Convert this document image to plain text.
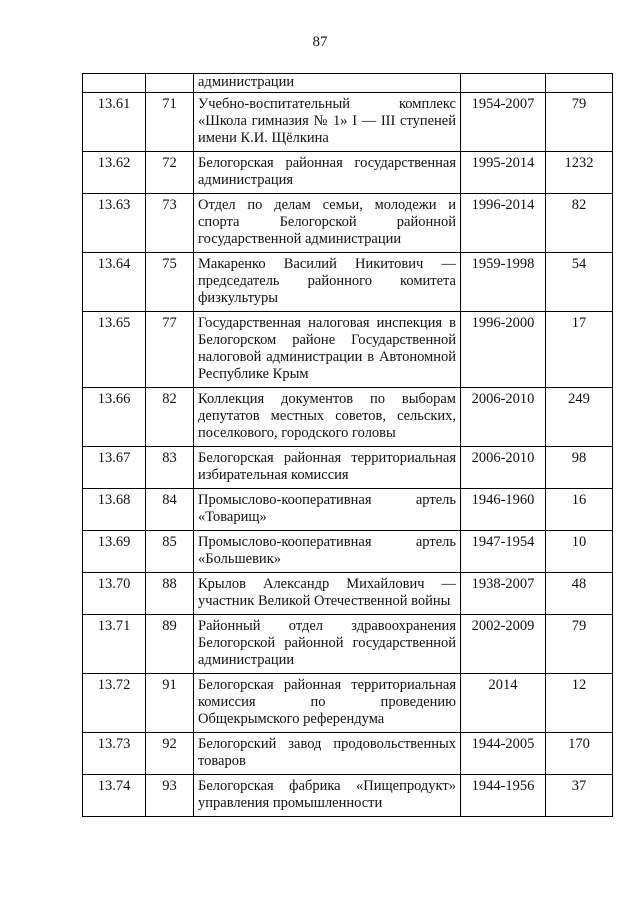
87
		администрации		
13.61	71	Учебно-воспитательный комплекс «Школа гимназия № 1» I — III ступеней имени К.И. Щёлкина	1954-2007	79
13.62	72	Белогорская районная государственная администрация	1995-2014	1232
13.63	73	Отдел по делам семьи, молодежи и спорта Белогорской районной государственной администрации	1996-2014	82
13.64	75	Макаренко Василий Никитович — председатель районного комитета физкультуры	1959-1998	54
13.65	77	Государственная налоговая инспекция в Белогорском районе Государственной налоговой администрации в Автономной Республике Крым	1996-2000	17
13.66	82	Коллекция документов по выборам депутатов местных советов, сельских, поселкового, городского головы	2006-2010	249
13.67	83	Белогорская районная территориальная избирательная комиссия	2006-2010	98
13.68	84	Промыслово-кооперативная артель «Товарищ»	1946-1960	16
13.69	85	Промыслово-кооперативная артель «Большевик»	1947-1954	10
13.70	88	Крылов Александр Михайлович — участник Великой Отечественной войны	1938-2007	48
13.71	89	Районный отдел здравоохранения Белогорской районной государственной администрации	2002-2009	79
13.72	91	Белогорская районная территориальная комиссия по проведению Общекрымского референдума	2014	12
13.73	92	Белогорский завод продовольственных товаров	1944-2005	170
13.74	93	Белогорская фабрика «Пищепродукт» управления промышленности	1944-1956	37
